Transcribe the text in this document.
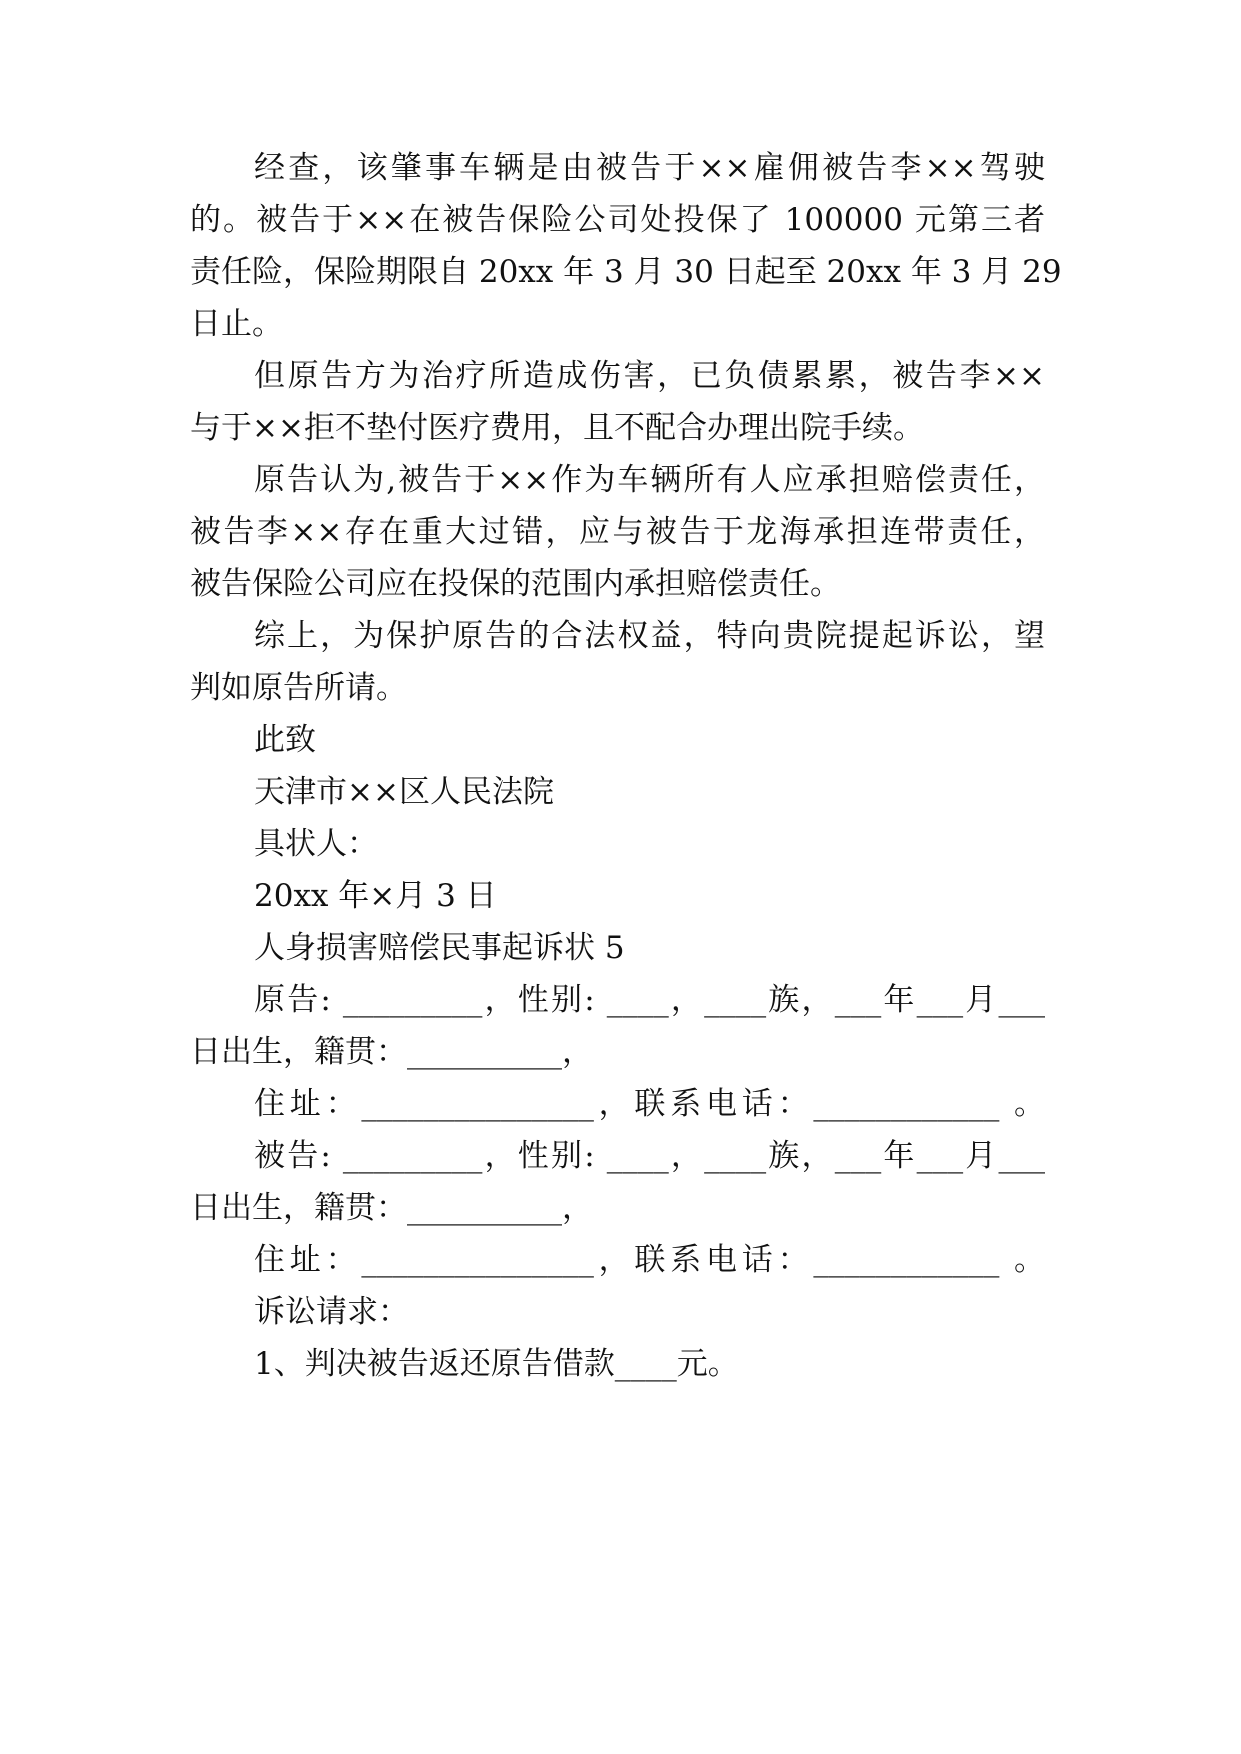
经查，该肇事车辆是由被告于××雇佣被告李××驾驶
的。被告于××在被告保险公司处投保了 100000 元第三者
责任险，保险期限自 20xx 年 3 月 30 日起至 20xx 年 3 月 29
日止。
但原告方为治疗所造成伤害，已负债累累，被告李××
与于××拒不垫付医疗费用，且不配合办理出院手续。
原告认为,被告于××作为车辆所有人应承担赔偿责任，
被告李××存在重大过错，应与被告于龙海承担连带责任，
被告保险公司应在投保的范围内承担赔偿责任。
综上，为保护原告的合法权益，特向贵院提起诉讼，望
判如原告所请。
此致
天津市××区人民法院
具状人：
20xx 年×月 3 日
人身损害赔偿民事起诉状 5
原告: _________，性别: ____，____族，___年___月___
日出生，籍贯：__________，
住址：_______________，联系电话：____________ 。
被告: _________，性别: ____，____族，___年___月___
日出生，籍贯：__________，
住址：_______________，联系电话：____________ 。
诉讼请求：
1、判决被告返还原告借款____元。
